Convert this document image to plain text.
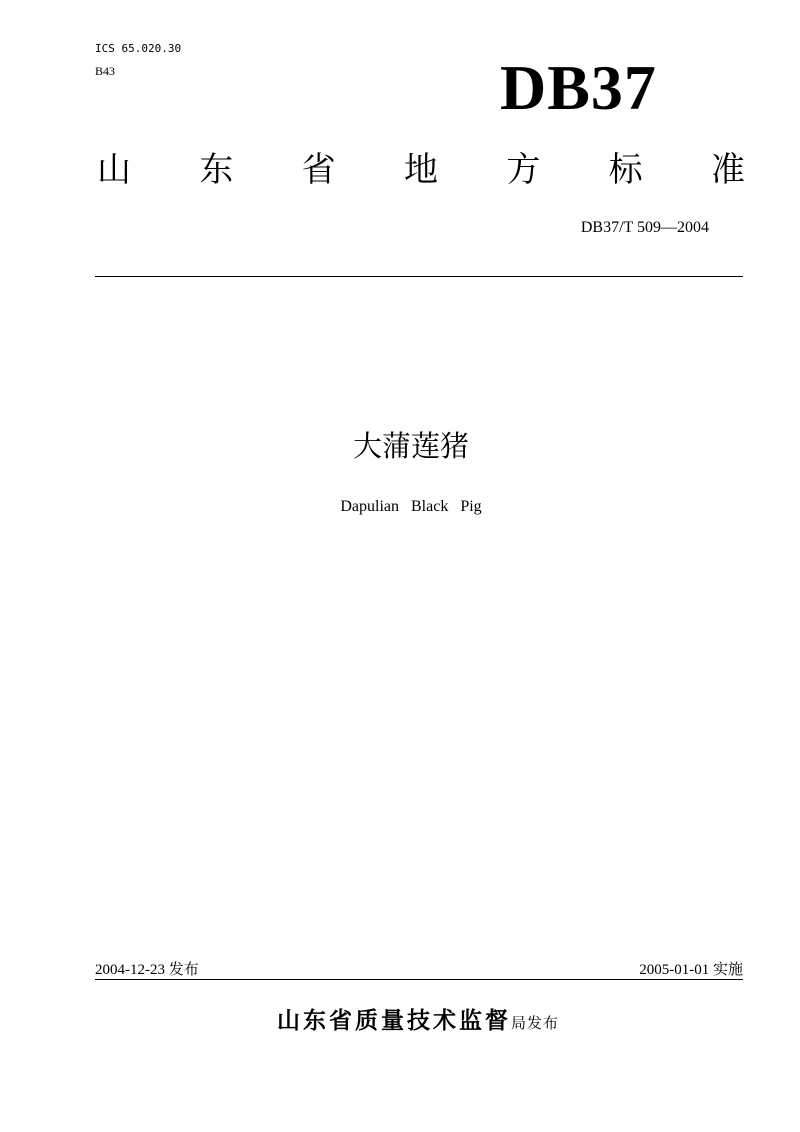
ICS 65.020.30
B43	DB37
山 东 省 地 方 标 准
DB37/T 509—2004
大蒲莲猪
Dapulian Black Pig
2004-12-23 发布	2005-01-01 实施
山东省质量技术监督局发布
